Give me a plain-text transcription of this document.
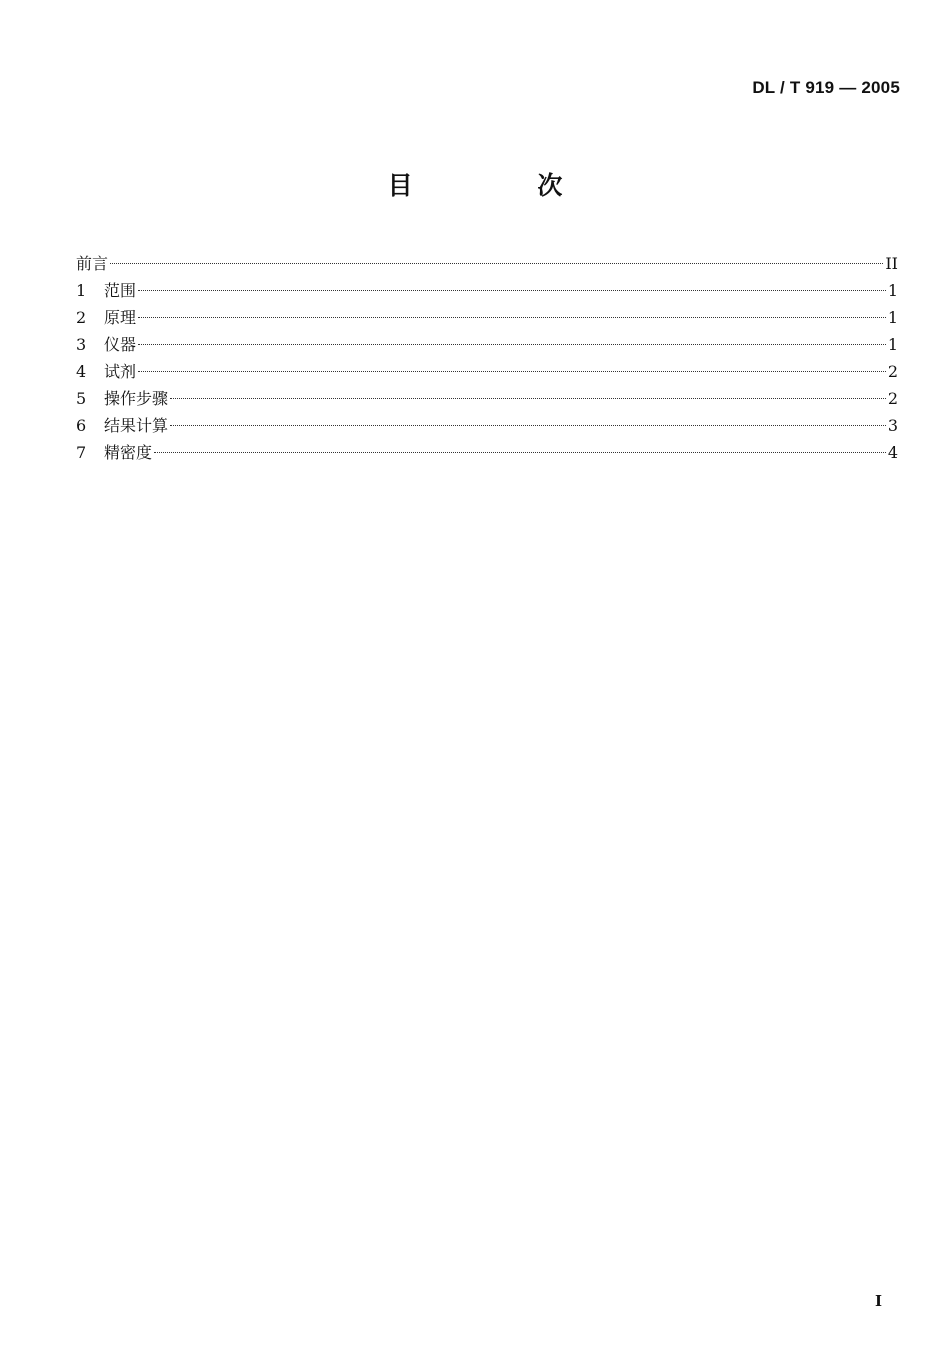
DL / T 919 — 2005
目 次
前言	II
1	范围	1
2	原理	1
3	仪器	1
4	试剂	2
5	操作步骤	2
6	结果计算	3
7	精密度	4
I
